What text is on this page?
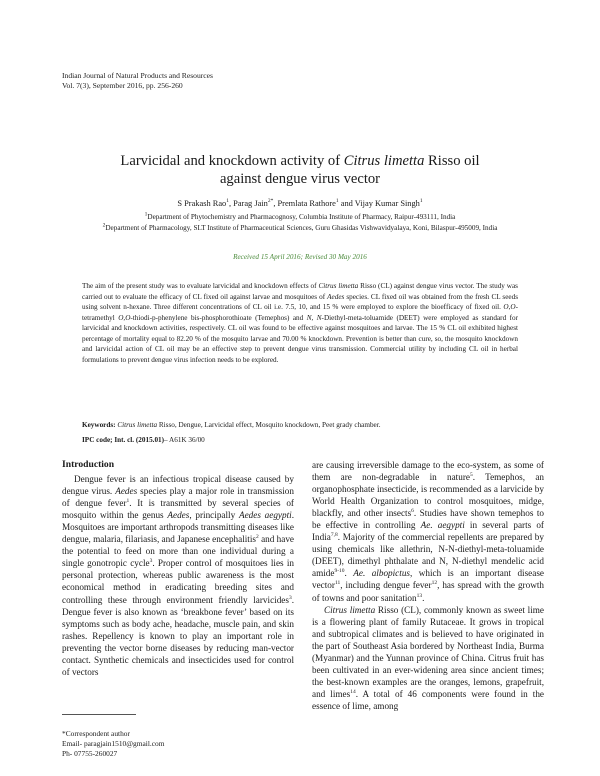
Indian Journal of Natural Products and Resources
Vol. 7(3), September 2016, pp. 256-260
Larvicidal and knockdown activity of Citrus limetta Risso oil
against dengue virus vector
S Prakash Rao$^1$, Parag Jain$^{2*}$, Premlata Rathore$^1$ and Vijay Kumar Singh$^1$
$^1$Department of Phytochemistry and Pharmacognosy, Columbia Institute of Pharmacy, Raipur-493111, India
$^2$Department of Pharmacology, SLT Institute of Pharmaceutical Sciences, Guru Ghasidas Vishwavidyalaya, Koni, Bilaspur-495009, India
Received 15 April 2016; Revised 30 May 2016
The aim of the present study was to evaluate larvicidal and knockdown effects of Citrus limetta Risso (CL) against dengue virus vector. The study was carried out to evaluate the efficacy of CL fixed oil against larvae and mosquitoes of Aedes species. CL fixed oil was obtained from the fresh CL seeds using solvent n-hexane. Three different concentrations of CL oil i.e. 7.5, 10, and 15 % were employed to explore the bioefficacy of fixed oil. O,O-tetramethyl O,O-thiodi-p-phenylene bis-phosphorothioate (Temephos) and N, N-Diethyl-meta-toluamide (DEET) were employed as standard for larvicidal and knockdown activities, respectively. CL oil was found to be effective against mosquitoes and larvae. The 15 % CL oil exhibited highest percentage of mortality equal to 82.20 % of the mosquito larvae and 70.00 % knockdown. Prevention is better than cure, so, the mosquito knockdown and larvicidal action of CL oil may be an effective step to prevent dengue virus transmission. Commercial utility by including CL oil in herbal formulations to prevent dengue virus infection needs to be explored.
Keywords: Citrus limetta Risso, Dengue, Larvicidal effect, Mosquito knockdown, Peet grady chamber.
IPC code; Int. cl. (2015.01)– A61K 36/00
Introduction

Dengue fever is an infectious tropical disease caused by dengue virus. Aedes species play a major role in transmission of dengue fever$^1$. It is transmitted by several species of mosquito within the genus Aedes, principally Aedes aegypti. Mosquitoes are important arthropods transmitting diseases like dengue, malaria, filariasis, and Japanese encephalitis$^2$ and have the potential to feed on more than one individual during a single gonotropic cycle$^3$. Proper control of mosquitoes lies in personal protection, whereas public awareness is the most economical method in eradicating breeding sites and controlling these through environment friendly larvicides$^3$. Dengue fever is also known as ‘breakbone fever’ based on its symptoms such as body ache, headache, muscle pain, and skin rashes. Repellency is known to play an important role in preventing the vector borne diseases by reducing man-vector contact. Synthetic chemicals and insecticides used for control of vectors

are causing irreversible damage to the eco-system, as some of them are non-degradable in nature$^5$. Temephos, an organophosphate insecticide, is recommended as a larvicide by World Health Organization to control mosquitoes, midge, blackfly, and other insects$^6$. Studies have shown temephos to be effective in controlling Ae. aegypti in several parts of India$^{7,8}$. Majority of the commercial repellents are prepared by using chemicals like allethrin, N-N-diethyl-meta-toluamide (DEET), dimethyl phthalate and N, N-diethyl mendelic acid amide$^{9-10}$. Ae. albopictus, which is an important disease vector$^{11}$, including dengue fever$^{12}$, has spread with the growth of towns and poor sanitation$^{13}$.

Citrus limetta Risso (CL), commonly known as sweet lime is a flowering plant of family Rutaceae. It grows in tropical and subtropical climates and is believed to have originated in the part of Southeast Asia bordered by Northeast India, Burma (Myanmar) and the Yunnan province of China. Citrus fruit has been cultivated in an ever-widening area since ancient times; the best-known examples are the oranges, lemons, grapefruit, and limes$^{14}$. A total of 46 components were found in the essence of lime, among

*Correspondent author
Email- paragjain1510@gmail.com
Ph- 07755-260027
